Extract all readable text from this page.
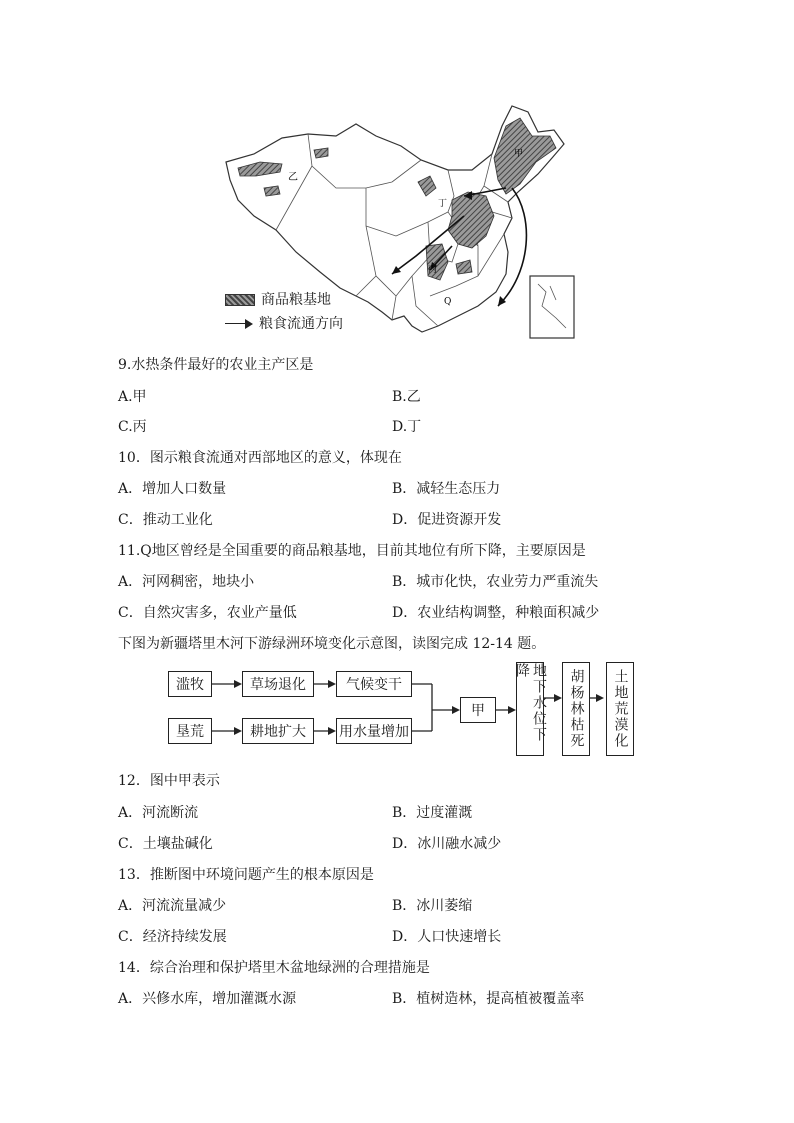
甲
乙
丙
丁
Q
商品粮基地
粮食流通方向
9.水热条件最好的农业主产区是
A.甲	B.乙
C.丙	D.丁
10．图示粮食流通对西部地区的意义，体现在
A．增加人口数量	B．减轻生态压力
C．推动工业化	D．促进资源开发
11.Q地区曾经是全国重要的商品粮基地，目前其地位有所下降，主要原因是
A．河网稠密，地块小	B．城市化快，农业劳力严重流失
C．自然灾害多，农业产量低	D．农业结构调整，种粮面积减少
下图为新疆塔里木河下游绿洲环境变化示意图，读图完成 12-14 题。
滥牧	草场退化	气候变干
垦荒	耕地扩大	用水量增加
甲	地下水位下降	胡杨林枯死 土地荒漠化
12．图中甲表示
A．河流断流	B．过度灌溉
C．土壤盐碱化	D．冰川融水减少
13．推断图中环境问题产生的根本原因是
A．河流流量减少	B．冰川萎缩
C．经济持续发展	D．人口快速增长
14．综合治理和保护塔里木盆地绿洲的合理措施是
A．兴修水库，增加灌溉水源	B．植树造林，提高植被覆盖率
